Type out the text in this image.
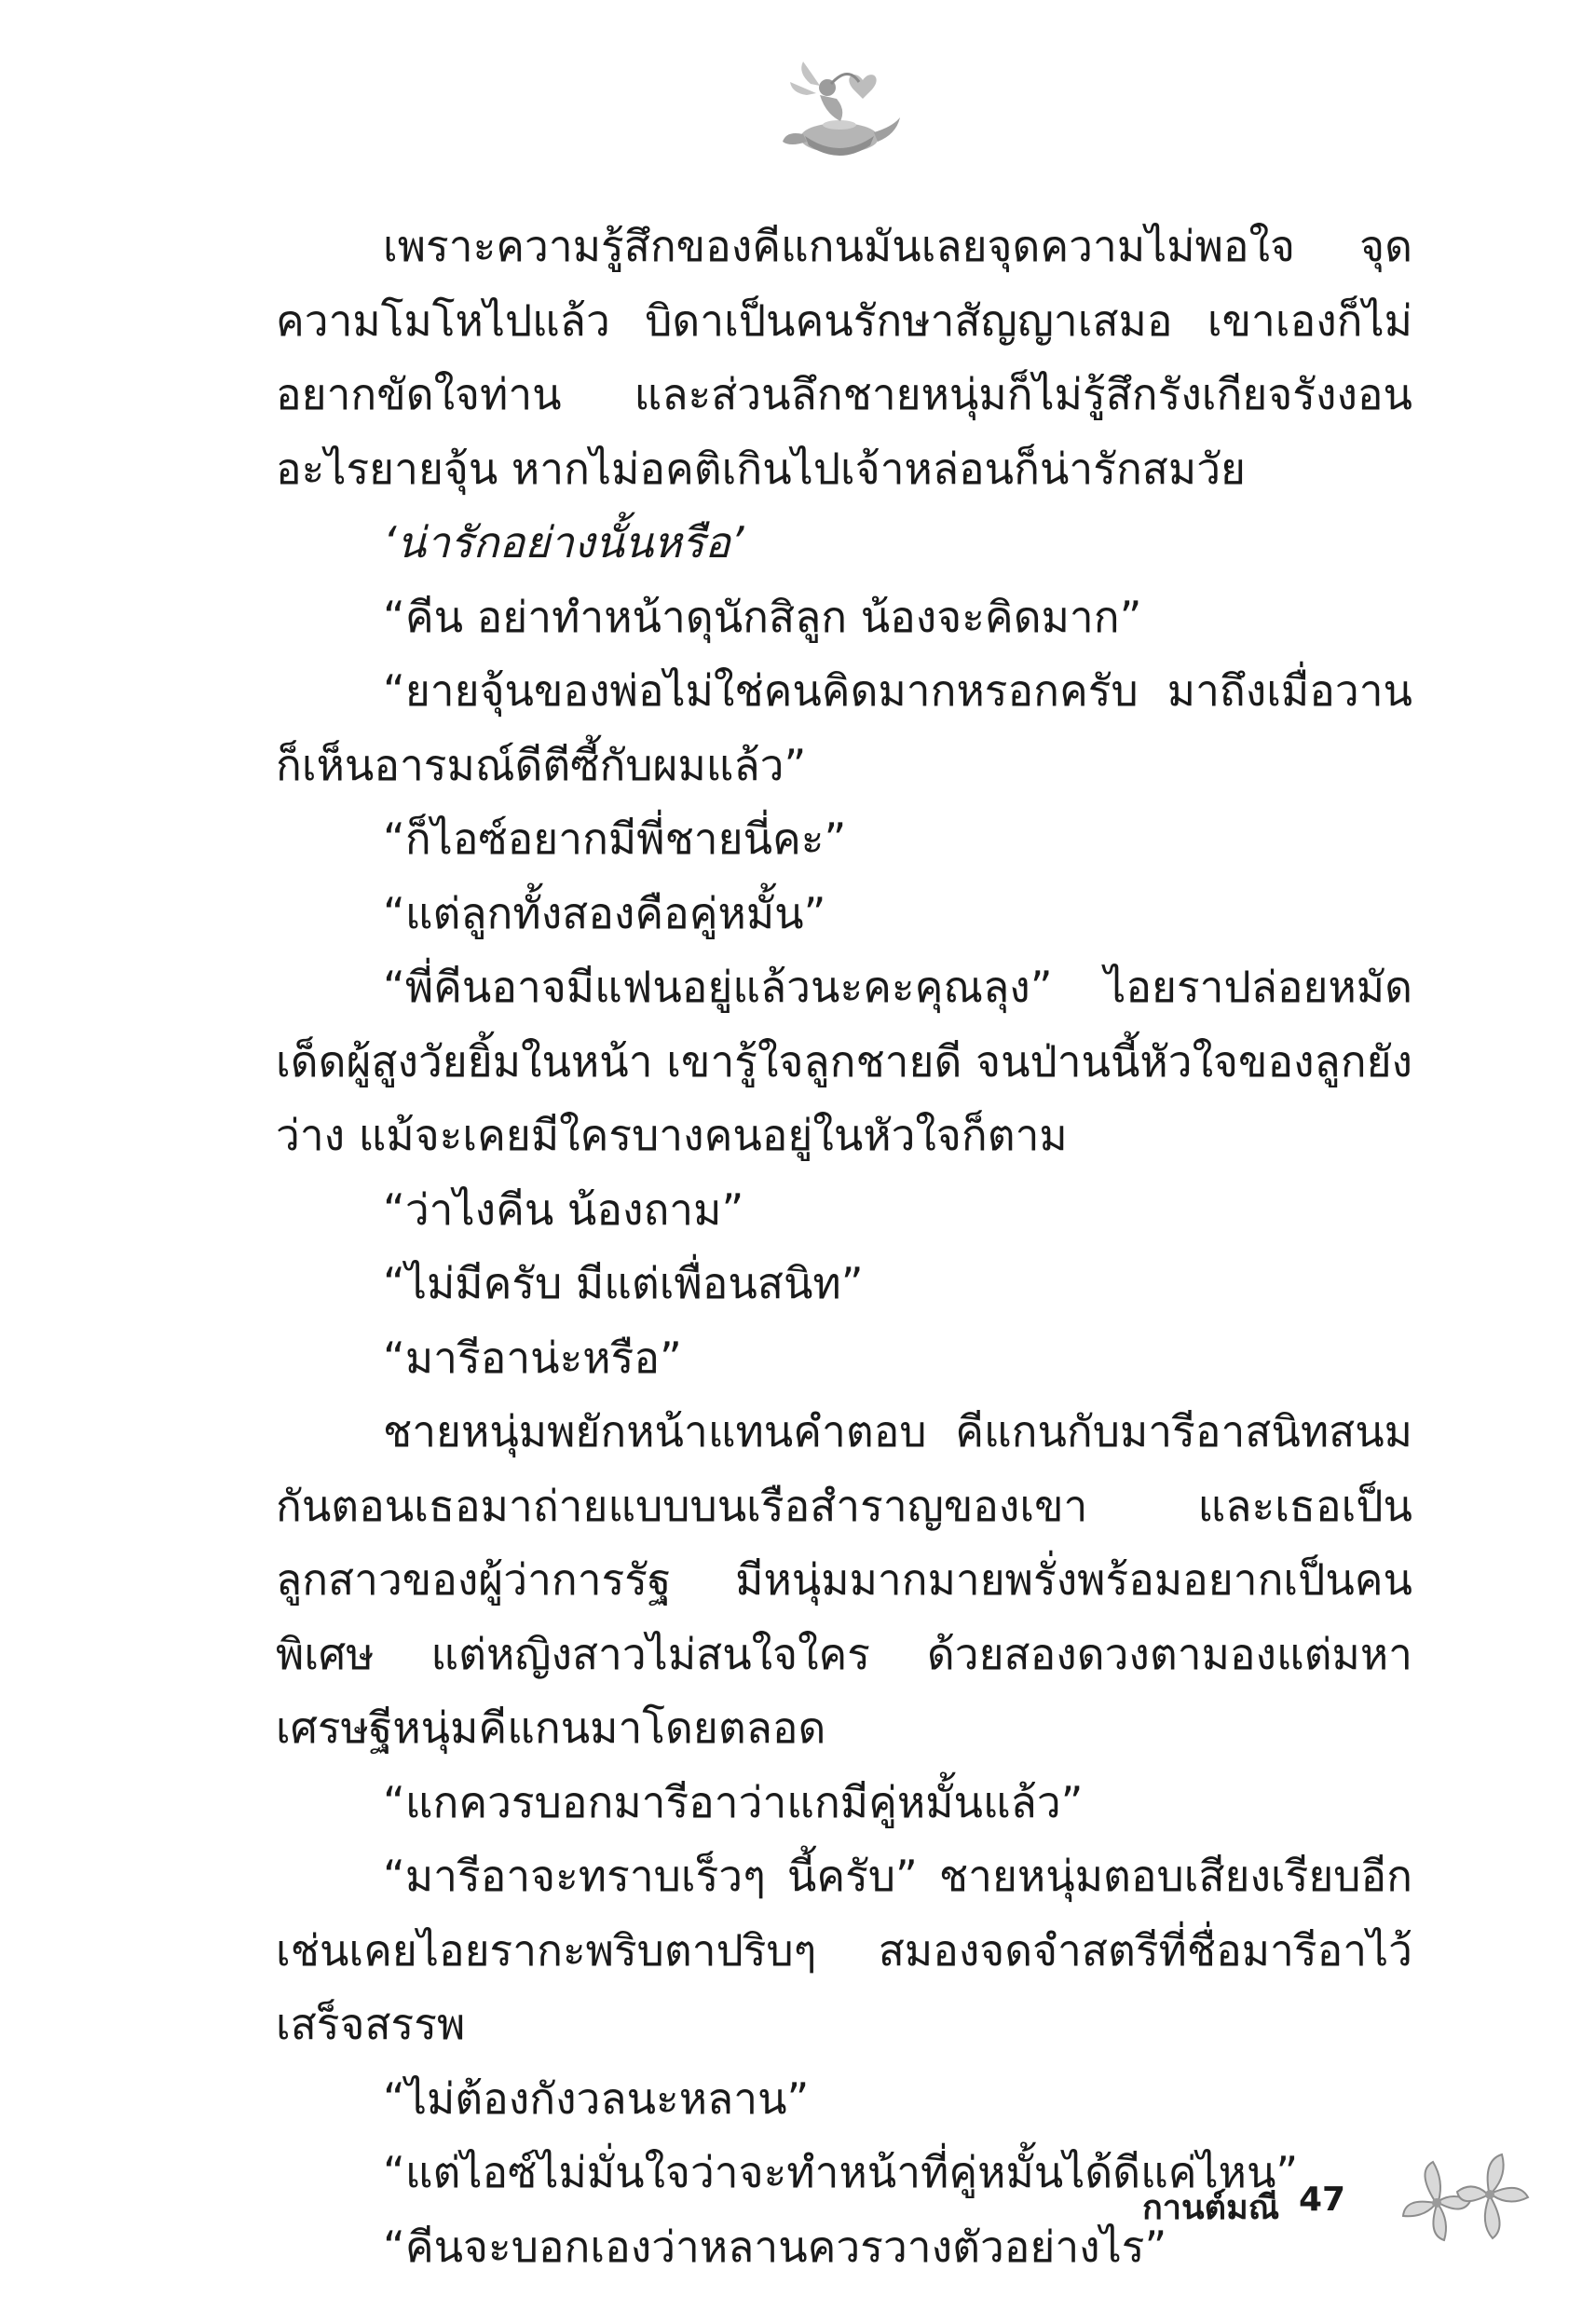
เพราะความรู้สึกของคีแกนมันเลยจุดความไม่พอใจ จุดความโมโหไปแล้ว บิดาเป็นคนรักษาสัญญาเสมอ เขาเองก็ไม่อยากขัดใจท่าน และส่วนลึกชายหนุ่มก็ไม่รู้สึกรังเกียจรังงอนอะไรยายจุ้น หากไม่อคติเกินไปเจ้าหล่อนก็น่ารักสมวัย

‘น่ารักอย่างนั้นหรือ’

“คีน อย่าทำหน้าดุนักสิลูก น้องจะคิดมาก”

“ยายจุ้นของพ่อไม่ใช่คนคิดมากหรอกครับ มาถึงเมื่อวานก็เห็นอารมณ์ดีตีซี้กับผมแล้ว”

“ก็ไอซ์อยากมีพี่ชายนี่คะ”

“แต่ลูกทั้งสองคือคู่หมั้น”

“พี่คีนอาจมีแฟนอยู่แล้วนะคะคุณลุง” ไอยราปล่อยหมัดเด็ดผู้สูงวัยยิ้มในหน้า เขารู้ใจลูกชายดี จนป่านนี้หัวใจของลูกยังว่าง แม้จะเคยมีใครบางคนอยู่ในหัวใจก็ตาม

“ว่าไงคีน น้องถาม”

“ไม่มีครับ มีแต่เพื่อนสนิท”

“มารีอาน่ะหรือ”

ชายหนุ่มพยักหน้าแทนคำตอบ คีแกนกับมารีอาสนิทสนมกันตอนเธอมาถ่ายแบบบนเรือสำราญของเขา และเธอเป็นลูกสาวของผู้ว่าการรัฐ มีหนุ่มมากมายพรั่งพร้อมอยากเป็นคนพิเศษ แต่หญิงสาวไม่สนใจใคร ด้วยสองดวงตามองแต่มหาเศรษฐีหนุ่มคีแกนมาโดยตลอด

“แกควรบอกมารีอาว่าแกมีคู่หมั้นแล้ว”

“มารีอาจะทราบเร็วๆ นี้ครับ” ชายหนุ่มตอบเสียงเรียบอีกเช่นเคยไอยรากะพริบตาปริบๆ สมองจดจำสตรีที่ชื่อมารีอาไว้เสร็จสรรพ

“ไม่ต้องกังวลนะหลาน”

“แต่ไอซ์ไม่มั่นใจว่าจะทำหน้าที่คู่หมั้นได้ดีแค่ไหน”

“คีนจะบอกเองว่าหลานควรวางตัวอย่างไร”

กานต์มณี 47
